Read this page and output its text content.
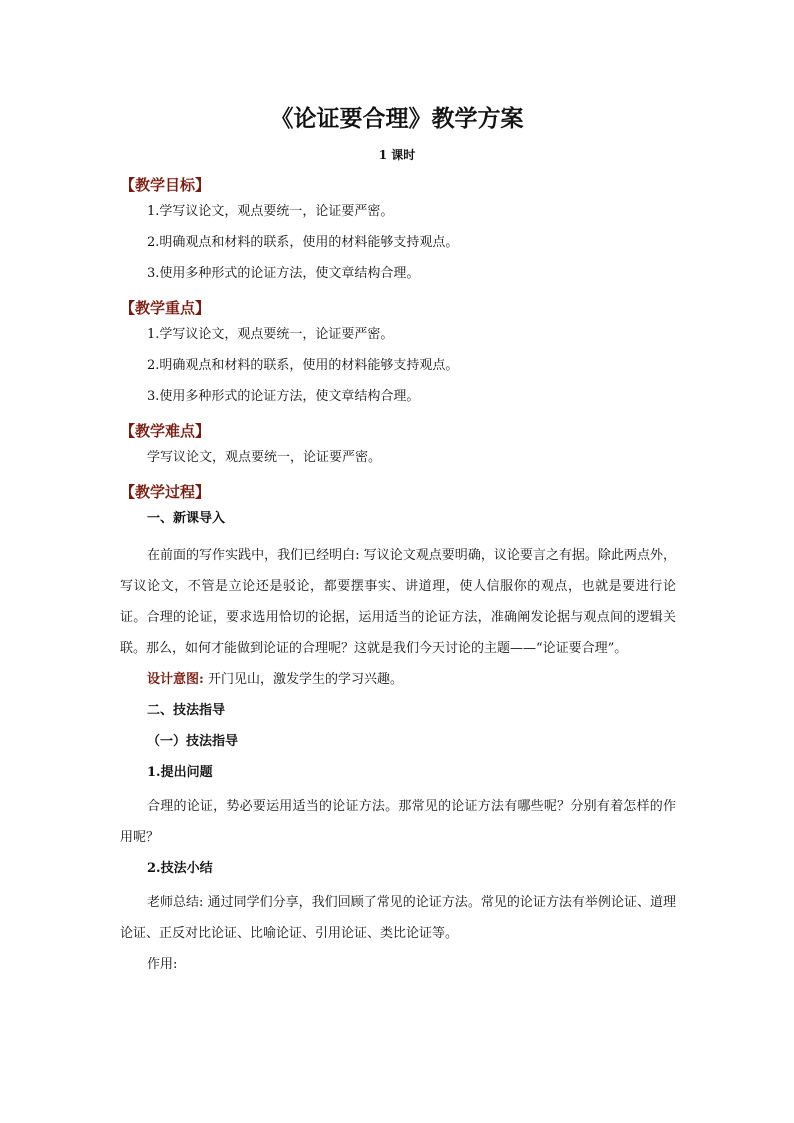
《论证要合理》教学方案
1 课时
【教学目标】
1.学写议论文，观点要统一，论证要严密。
2.明确观点和材料的联系，使用的材料能够支持观点。
3.使用多种形式的论证方法，使文章结构合理。
【教学重点】
1.学写议论文，观点要统一，论证要严密。
2.明确观点和材料的联系，使用的材料能够支持观点。
3.使用多种形式的论证方法，使文章结构合理。
【教学难点】
学写议论文，观点要统一，论证要严密。
【教学过程】
一、新课导入

在前面的写作实践中，我们已经明白: 写议论文观点要明确，议论要言之有据。除此两点外，写议论文，不管是立论还是驳论，都要摆事实、讲道理，使人信服你的观点，也就是要进行论证。合理的论证，要求选用恰切的论据，运用适当的论证方法，准确阐发论据与观点间的逻辑关联。那么，如何才能做到论证的合理呢？这就是我们今天讨论的主题——“论证要合理”。

设计意图: 开门见山，激发学生的学习兴趣。
二、技法指导
（一）技法指导
1.提出问题

合理的论证，势必要运用适当的论证方法。那常见的论证方法有哪些呢？分别有着怎样的作用呢？

2.技法小结

老师总结: 通过同学们分享，我们回顾了常见的论证方法。常见的论证方法有举例论证、道理论证、正反对比论证、比喻论证、引用论证、类比论证等。

作用:
